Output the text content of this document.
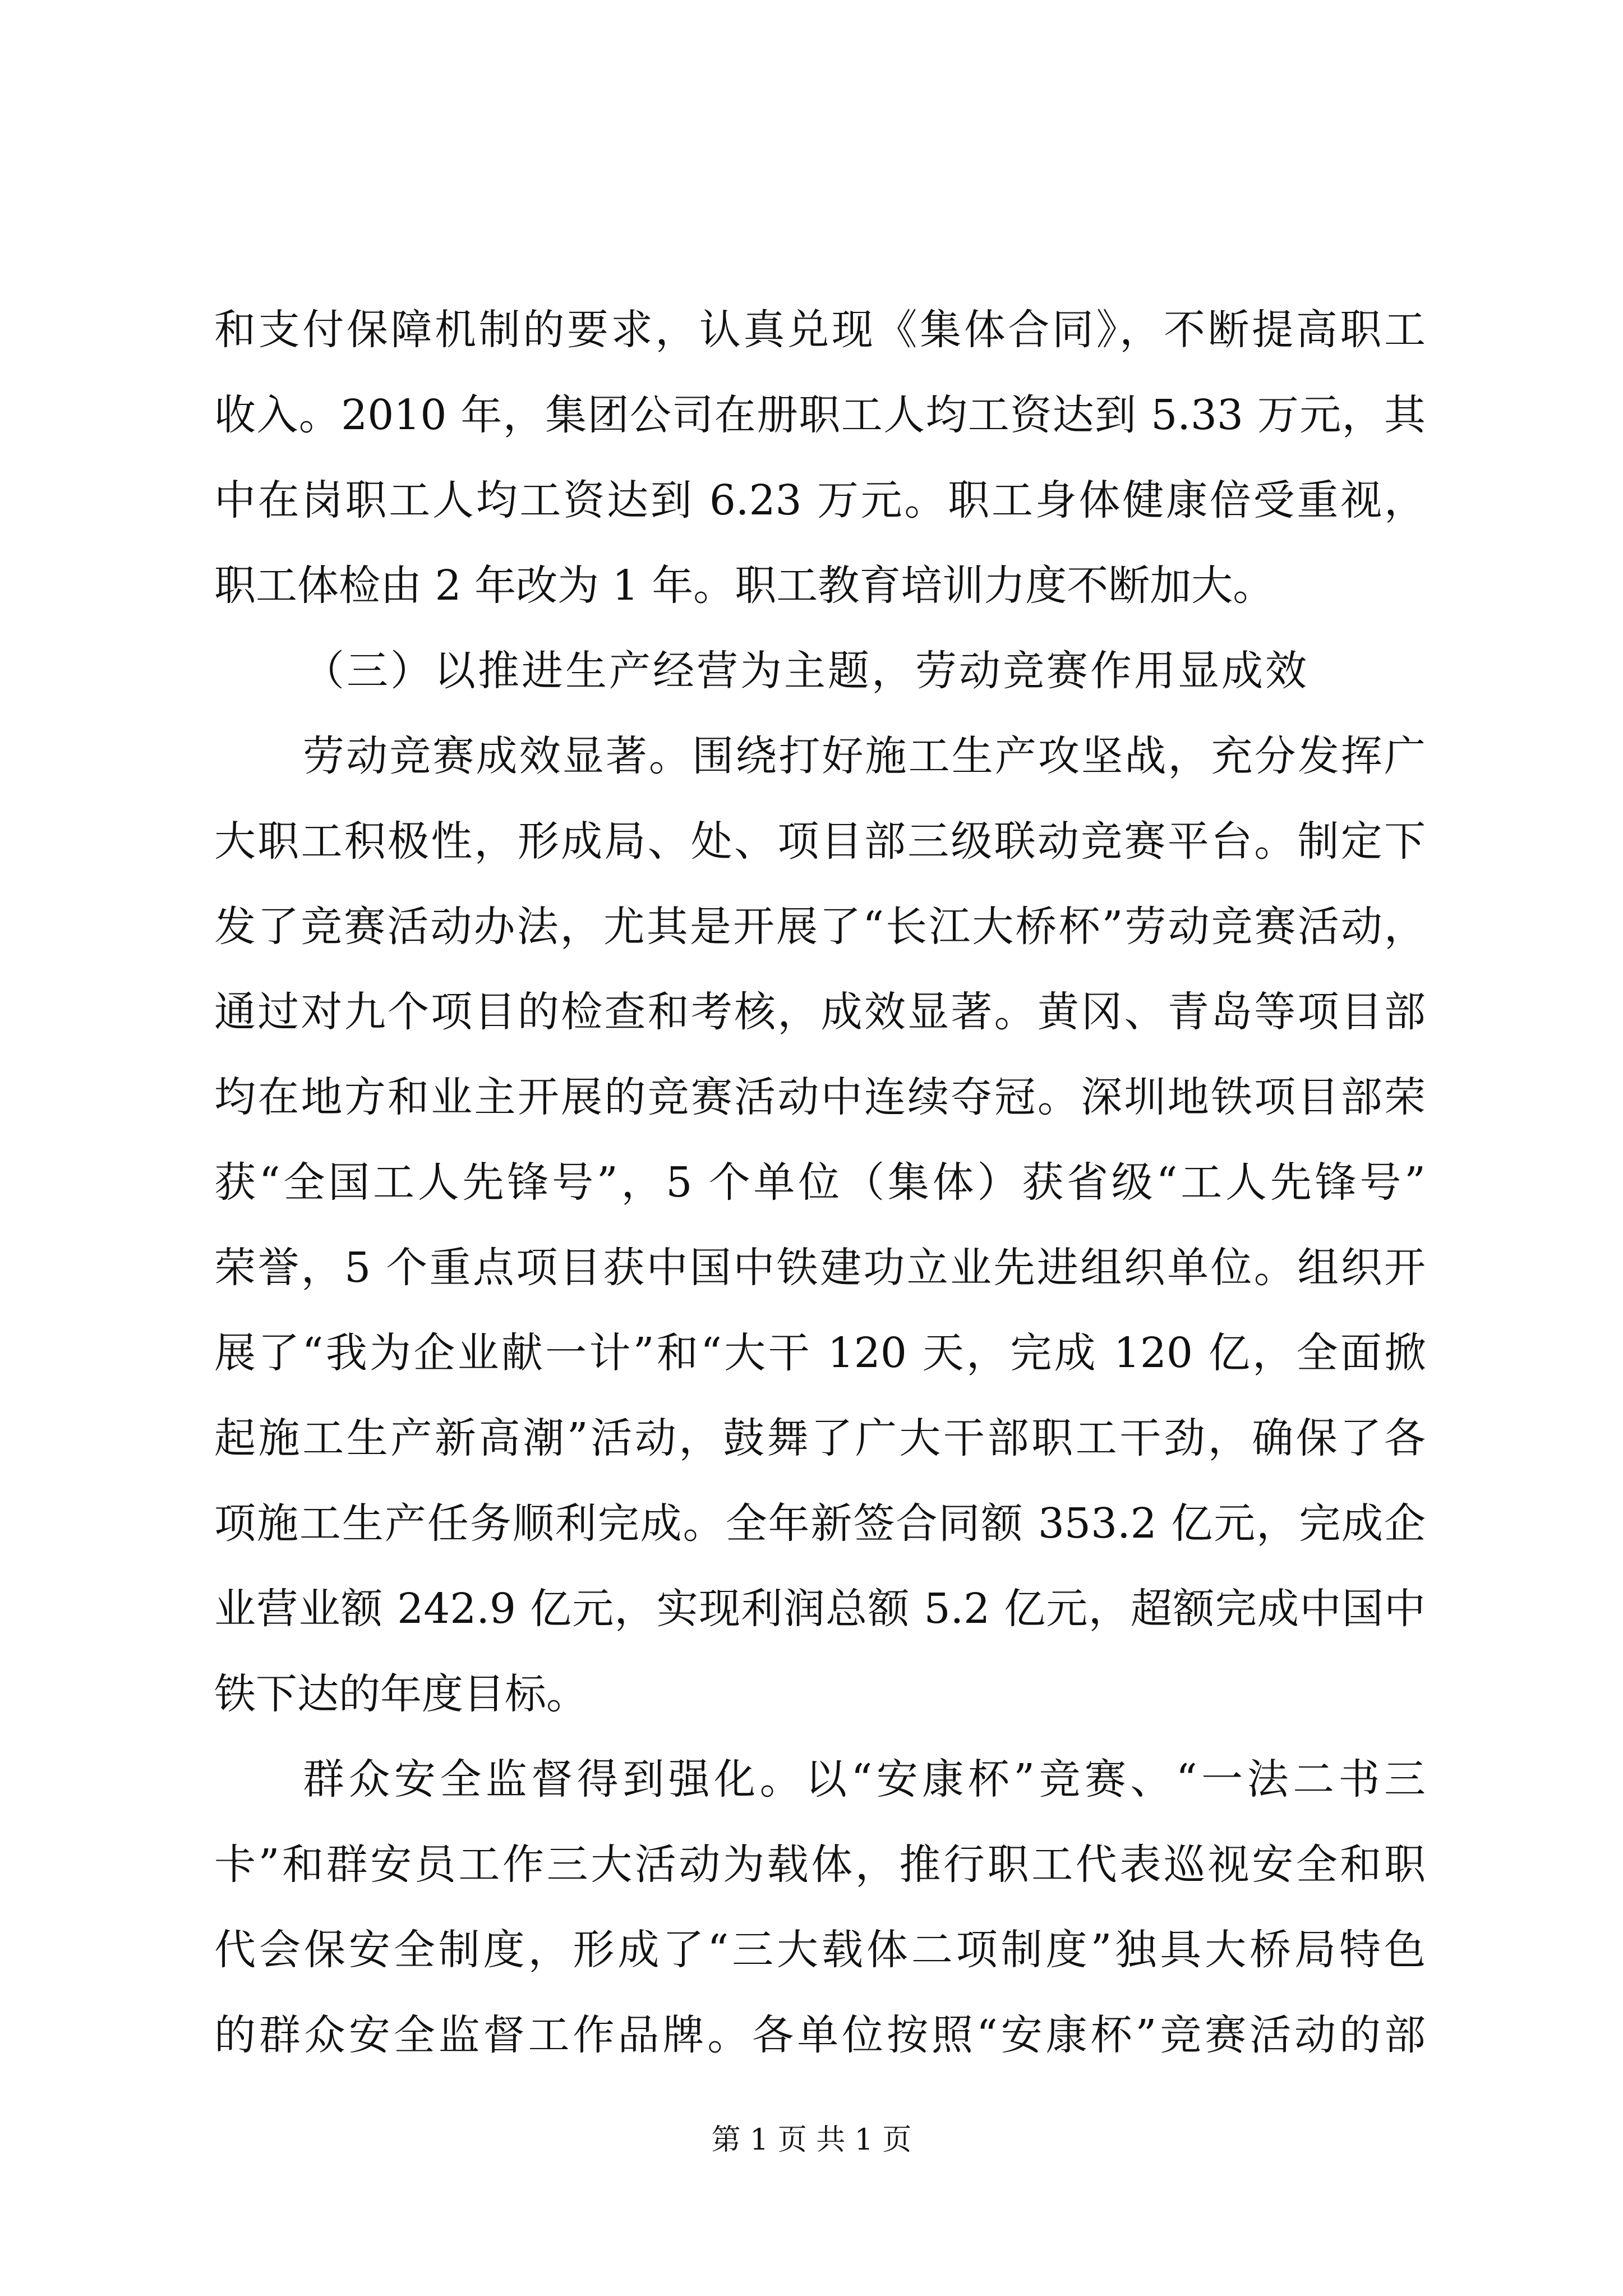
和支付保障机制的要求，认真兑现《集体合同》，不断提高职工
收入。2010 年，集团公司在册职工人均工资达到 5.33 万元，其
中在岗职工人均工资达到 6.23 万元。职工身体健康倍受重视，
职工体检由 2 年改为 1 年。职工教育培训力度不断加大。
（三）以推进生产经营为主题，劳动竞赛作用显成效
劳动竞赛成效显著。围绕打好施工生产攻坚战，充分发挥广
大职工积极性，形成局、处、项目部三级联动竞赛平台。制定下
发了竞赛活动办法，尤其是开展了“长江大桥杯”劳动竞赛活动，
通过对九个项目的检查和考核，成效显著。黄冈、青岛等项目部
均在地方和业主开展的竞赛活动中连续夺冠。深圳地铁项目部荣
获“全国工人先锋号”，5 个单位（集体）获省级“工人先锋号”
荣誉，5 个重点项目获中国中铁建功立业先进组织单位。组织开
展了“我为企业献一计”和“大干 120 天，完成 120 亿，全面掀
起施工生产新高潮”活动，鼓舞了广大干部职工干劲，确保了各
项施工生产任务顺利完成。全年新签合同额 353.2 亿元，完成企
业营业额 242.9 亿元，实现利润总额 5.2 亿元，超额完成中国中
铁下达的年度目标。
群众安全监督得到强化。以“安康杯”竞赛、“一法二书三
卡”和群安员工作三大活动为载体，推行职工代表巡视安全和职
代会保安全制度，形成了“三大载体二项制度”独具大桥局特色
的群众安全监督工作品牌。各单位按照“安康杯”竞赛活动的部
第 1 页 共 1 页
